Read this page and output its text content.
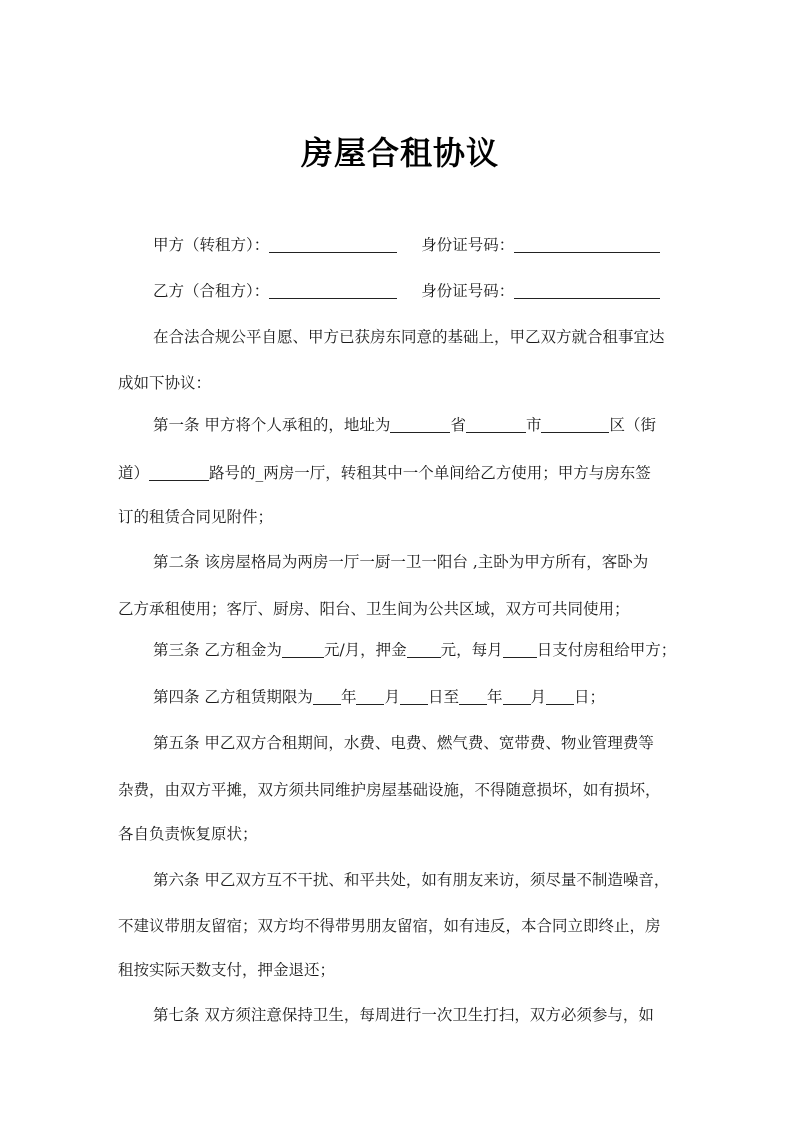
房屋合租协议
甲方（转租方）：	身份证号码：
乙方（合租方）：	身份证号码：
在合法合规公平自愿、甲方已获房东同意的基础上，甲乙双方就合租事宜达
成如下协议：
第一条 甲方将个人承租的，地址为	省	市	区（街
道）	路号的_两房一厅，转租其中一个单间给乙方使用；甲方与房东签
订的租赁合同见附件；
第二条 该房屋格局为两房一厅一厨一卫一阳台 ,主卧为甲方所有，客卧为
乙方承租使用；客厅、厨房、阳台、卫生间为公共区域，双方可共同使用；
第三条 乙方租金为	元/月，押金 元，每月 日支付房租给甲方；
第四条 乙方租赁期限为 年 月 日至 年 月 日；
第五条 甲乙双方合租期间，水费、电费、燃气费、宽带费、物业管理费等
杂费，由双方平摊，双方须共同维护房屋基础设施，不得随意损坏，如有损坏，
各自负责恢复原状；
第六条 甲乙双方互不干扰、和平共处，如有朋友来访，须尽量不制造噪音，
不建议带朋友留宿；双方均不得带男朋友留宿，如有违反，本合同立即终止，房
租按实际天数支付，押金退还；
第七条 双方须注意保持卫生，每周进行一次卫生打扫，双方必须参与，如
